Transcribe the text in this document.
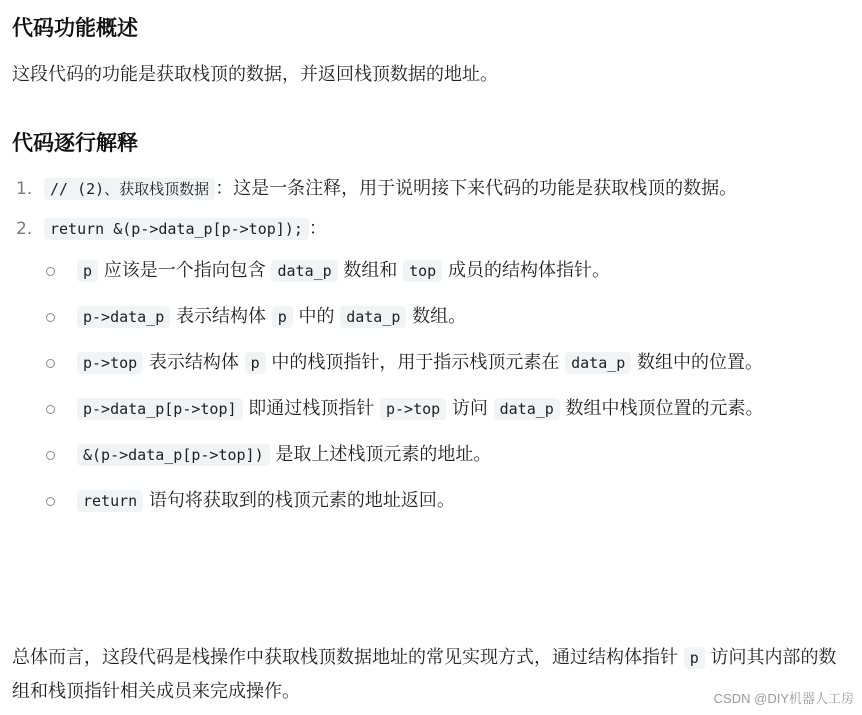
代码功能概述

这段代码的功能是获取栈顶的数据，并返回栈顶数据的地址。

代码逐行解释
1. // (2)、获取栈顶数据 ：这是一条注释，用于说明接下来代码的功能是获取栈顶的数据。
2. return &(p->data_p[p->top]); ：
p 应该是一个指向包含 data_p 数组和 top 成员的结构体指针。
p->data_p 表示结构体 p 中的 data_p 数组。
p->top 表示结构体 p 中的栈顶指针，用于指示栈顶元素在 data_p 数组中的位置。
p->data_p[p->top] 即通过栈顶指针 p->top 访问 data_p 数组中栈顶位置的元素。
&(p->data_p[p->top]) 是取上述栈顶元素的地址。
return 语句将获取到的栈顶元素的地址返回。

总体而言，这段代码是栈操作中获取栈顶数据地址的常见实现方式，通过结构体指针 p 访问其内部的数组和栈顶指针相关成员来完成操作。	CSDN @DIY机器人工房
